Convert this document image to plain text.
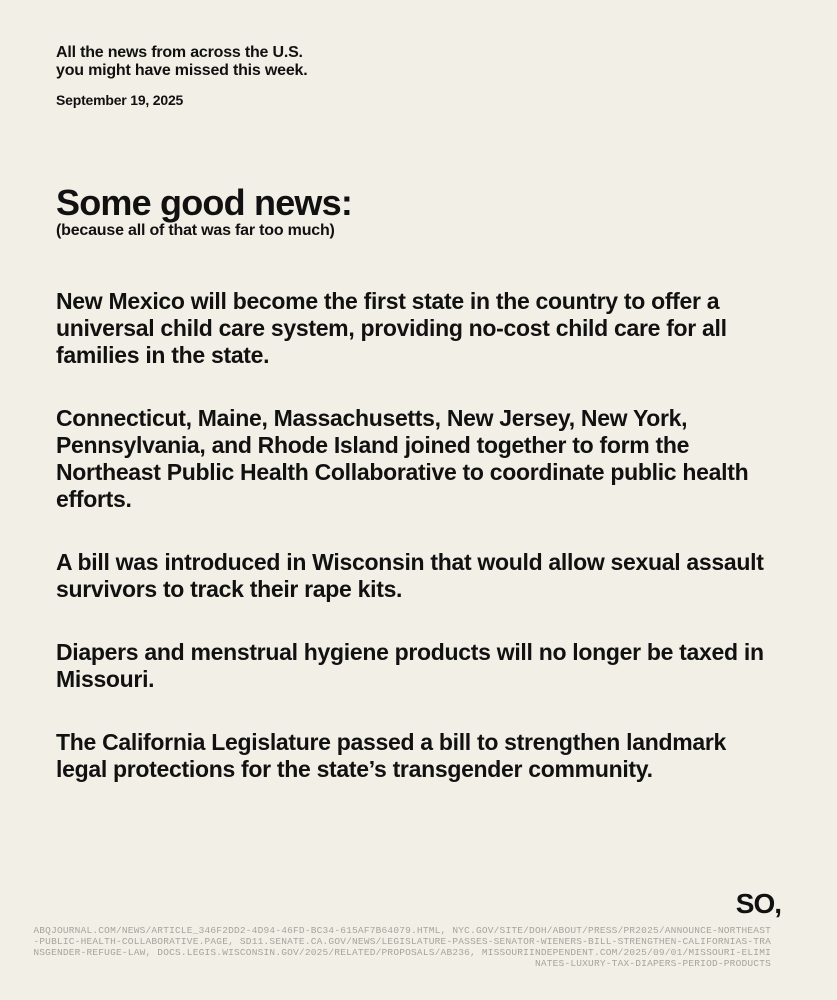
All the news from across the U.S.
you might have missed this week.
September 19, 2025
Some good news:
(because all of that was far too much)

New Mexico will become the first state in the country to offer a universal child care system, providing no-cost child care for all families in the state.

Connecticut, Maine, Massachusetts, New Jersey, New York, Pennsylvania, and Rhode Island joined together to form the Northeast Public Health Collaborative to coordinate public health efforts.

A bill was introduced in Wisconsin that would allow sexual assault survivors to track their rape kits.

Diapers and menstrual hygiene products will no longer be taxed in Missouri.

The California Legislature passed a bill to strengthen landmark legal protections for the state’s transgender community.

SO,
ABQJOURNAL.COM/NEWS/ARTICLE_346F2DD2-4D94-46FD-BC34-615AF7B64079.HTML, NYC.GOV/SITE/DOH/ABOUT/PRESS/PR2025/ANNOUNCE-NORTHEAST-PUBLIC-HEALTH-COLLABORATIVE.PAGE, SD11.SENATE.CA.GOV/NEWS/LEGISLATURE-PASSES-SENATOR-WIENERS-BILL-STRENGTHEN-CALIFORNIAS-TRANSGENDER-REFUGE-LAW, DOCS.LEGIS.WISCONSIN.GOV/2025/RELATED/PROPOSALS/AB236, MISSOURIINDEPENDENT.COM/2025/09/01/MISSOURI-ELIMINATES-LUXURY-TAX-DIAPERS-PERIOD-PRODUCTS
